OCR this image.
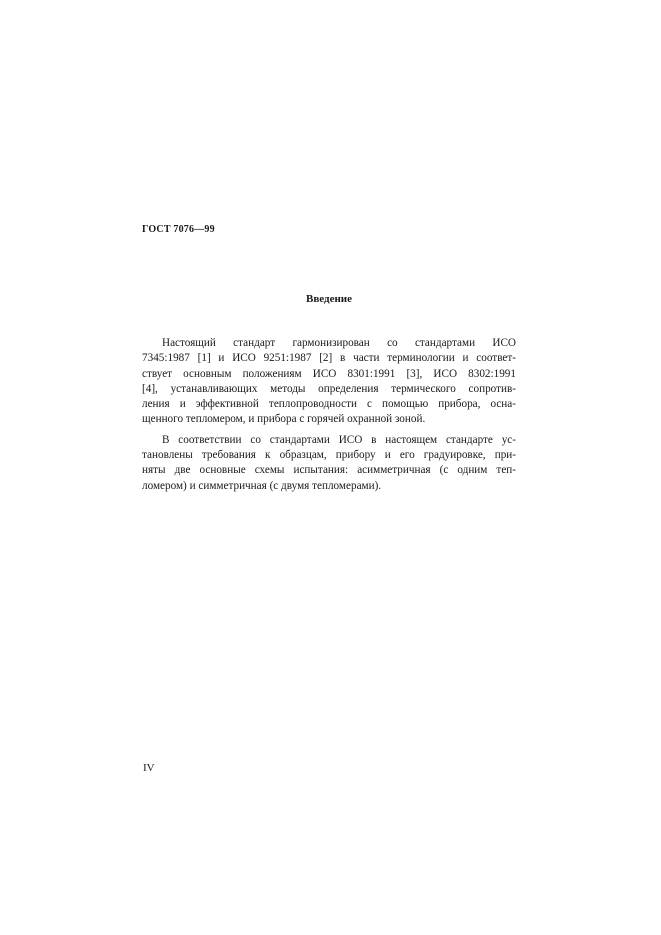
ГОСТ 7076—99
Введение
Настоящий стандарт гармонизирован со стандартами ИСО
7345:1987 [1] и ИСО 9251:1987 [2] в части терминологии и соответ-
ствует основным положениям ИСО 8301:1991 [3], ИСО 8302:1991
[4], устанавливающих методы определения термического сопротив-
ления и эффективной теплопроводности с помощью прибора, осна-
щенного тепломером, и прибора с горячей охранной зоной.
В соответствии со стандартами ИСО в настоящем стандарте ус-
тановлены требования к образцам, прибору и его градуировке, при-
няты две основные схемы испытания: асимметричная (с одним теп-
ломером) и симметричная (с двумя тепломерами).
IV
